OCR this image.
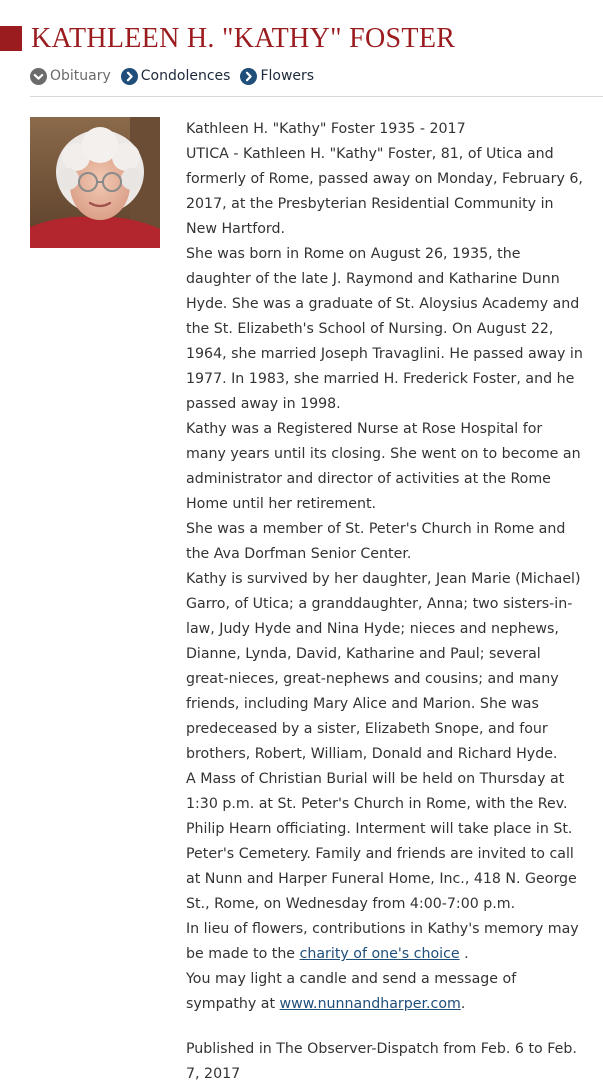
KATHLEEN H. "KATHY" FOSTER
Obituary Condolences Flowers

Kathleen H. "Kathy" Foster 1935 - 2017

UTICA - Kathleen H. "Kathy" Foster, 81, of Utica and formerly of Rome, passed away on Monday, February 6, 2017, at the Presbyterian Residential Community in New Hartford.

She was born in Rome on August 26, 1935, the daughter of the late J. Raymond and Katharine Dunn Hyde. She was a graduate of St. Aloysius Academy and the St. Elizabeth's School of Nursing. On August 22, 1964, she married Joseph Travaglini. He passed away in 1977. In 1983, she married H. Frederick Foster, and he passed away in 1998.

Kathy was a Registered Nurse at Rose Hospital for many years until its closing. She went on to become an administrator and director of activities at the Rome Home until her retirement.

She was a member of St. Peter's Church in Rome and the Ava Dorfman Senior Center.

Kathy is survived by her daughter, Jean Marie (Michael) Garro, of Utica; a granddaughter, Anna; two sisters-in-law, Judy Hyde and Nina Hyde; nieces and nephews, Dianne, Lynda, David, Katharine and Paul; several great-nieces, great-nephews and cousins; and many friends, including Mary Alice and Marion. She was predeceased by a sister, Elizabeth Snope, and four brothers, Robert, William, Donald and Richard Hyde.

A Mass of Christian Burial will be held on Thursday at 1:30 p.m. at St. Peter's Church in Rome, with the Rev. Philip Hearn officiating. Interment will take place in St. Peter's Cemetery. Family and friends are invited to call at Nunn and Harper Funeral Home, Inc., 418 N. George St., Rome, on Wednesday from 4:00-7:00 p.m.

In lieu of flowers, contributions in Kathy's memory may be made to the charity of one's choice .

You may light a candle and send a message of sympathy at www.nunnandharper.com.

Published in The Observer-Dispatch from Feb. 6 to Feb. 7, 2017
